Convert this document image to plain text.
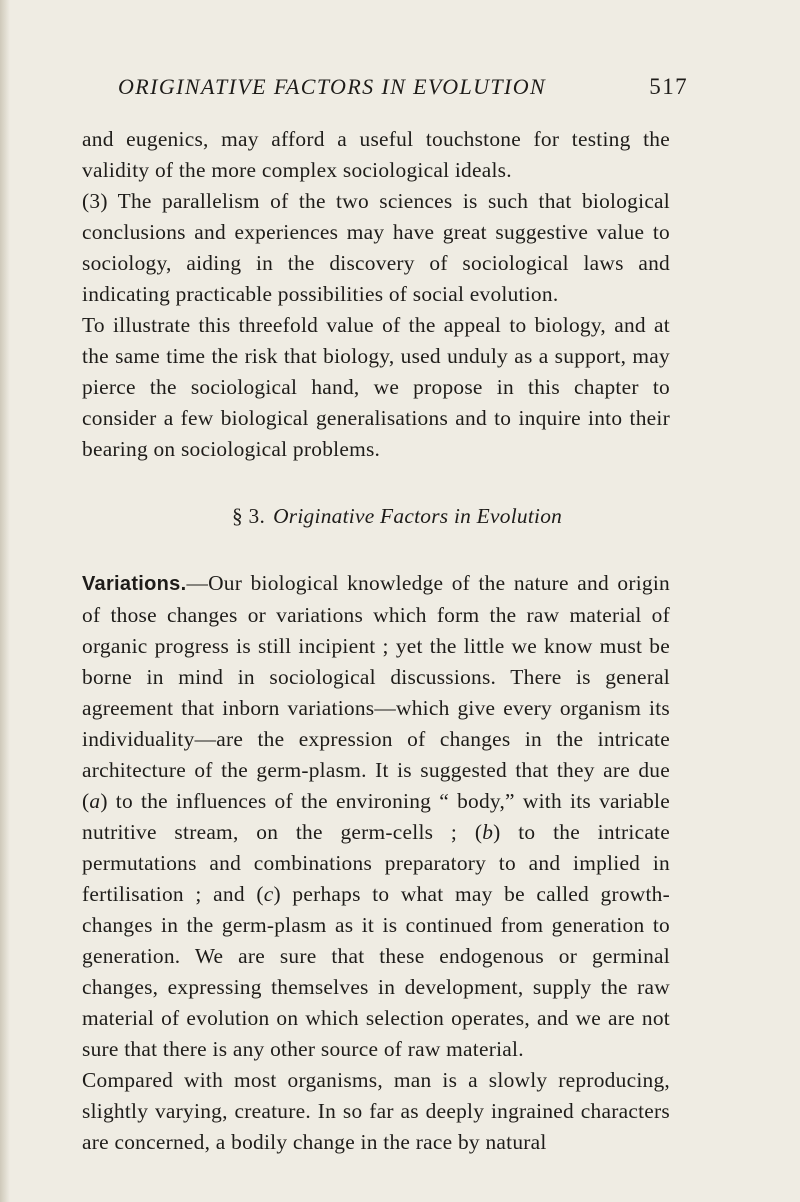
ORIGINATIVE FACTORS IN EVOLUTION	517

and eugenics, may afford a useful touchstone for testing the validity of the more complex sociological ideals.

(3) The parallelism of the two sciences is such that biological conclusions and experiences may have great suggestive value to sociology, aiding in the discovery of sociological laws and indicating practicable possibilities of social evolution.

To illustrate this threefold value of the appeal to biology, and at the same time the risk that biology, used unduly as a support, may pierce the sociological hand, we propose in this chapter to consider a few biological generalisations and to inquire into their bearing on sociological problems.

§ 3. Originative Factors in Evolution

Variations.—Our biological knowledge of the nature and origin of those changes or variations which form the raw material of organic progress is still incipient ; yet the little we know must be borne in mind in sociological discussions. There is general agreement that inborn variations—which give every organism its individuality—are the expression of changes in the intricate architecture of the germ-plasm. It is suggested that they are due (a) to the influences of the environing “ body,” with its variable nutritive stream, on the germ-cells ; (b) to the intricate permutations and combinations preparatory to and implied in fertilisation ; and (c) perhaps to what may be called growth-changes in the germ-plasm as it is continued from generation to generation. We are sure that these endogenous or germinal changes, expressing themselves in development, supply the raw material of evolution on which selection operates, and we are not sure that there is any other source of raw material.

Compared with most organisms, man is a slowly reproducing, slightly varying, creature. In so far as deeply ingrained characters are concerned, a bodily change in the race by natural
